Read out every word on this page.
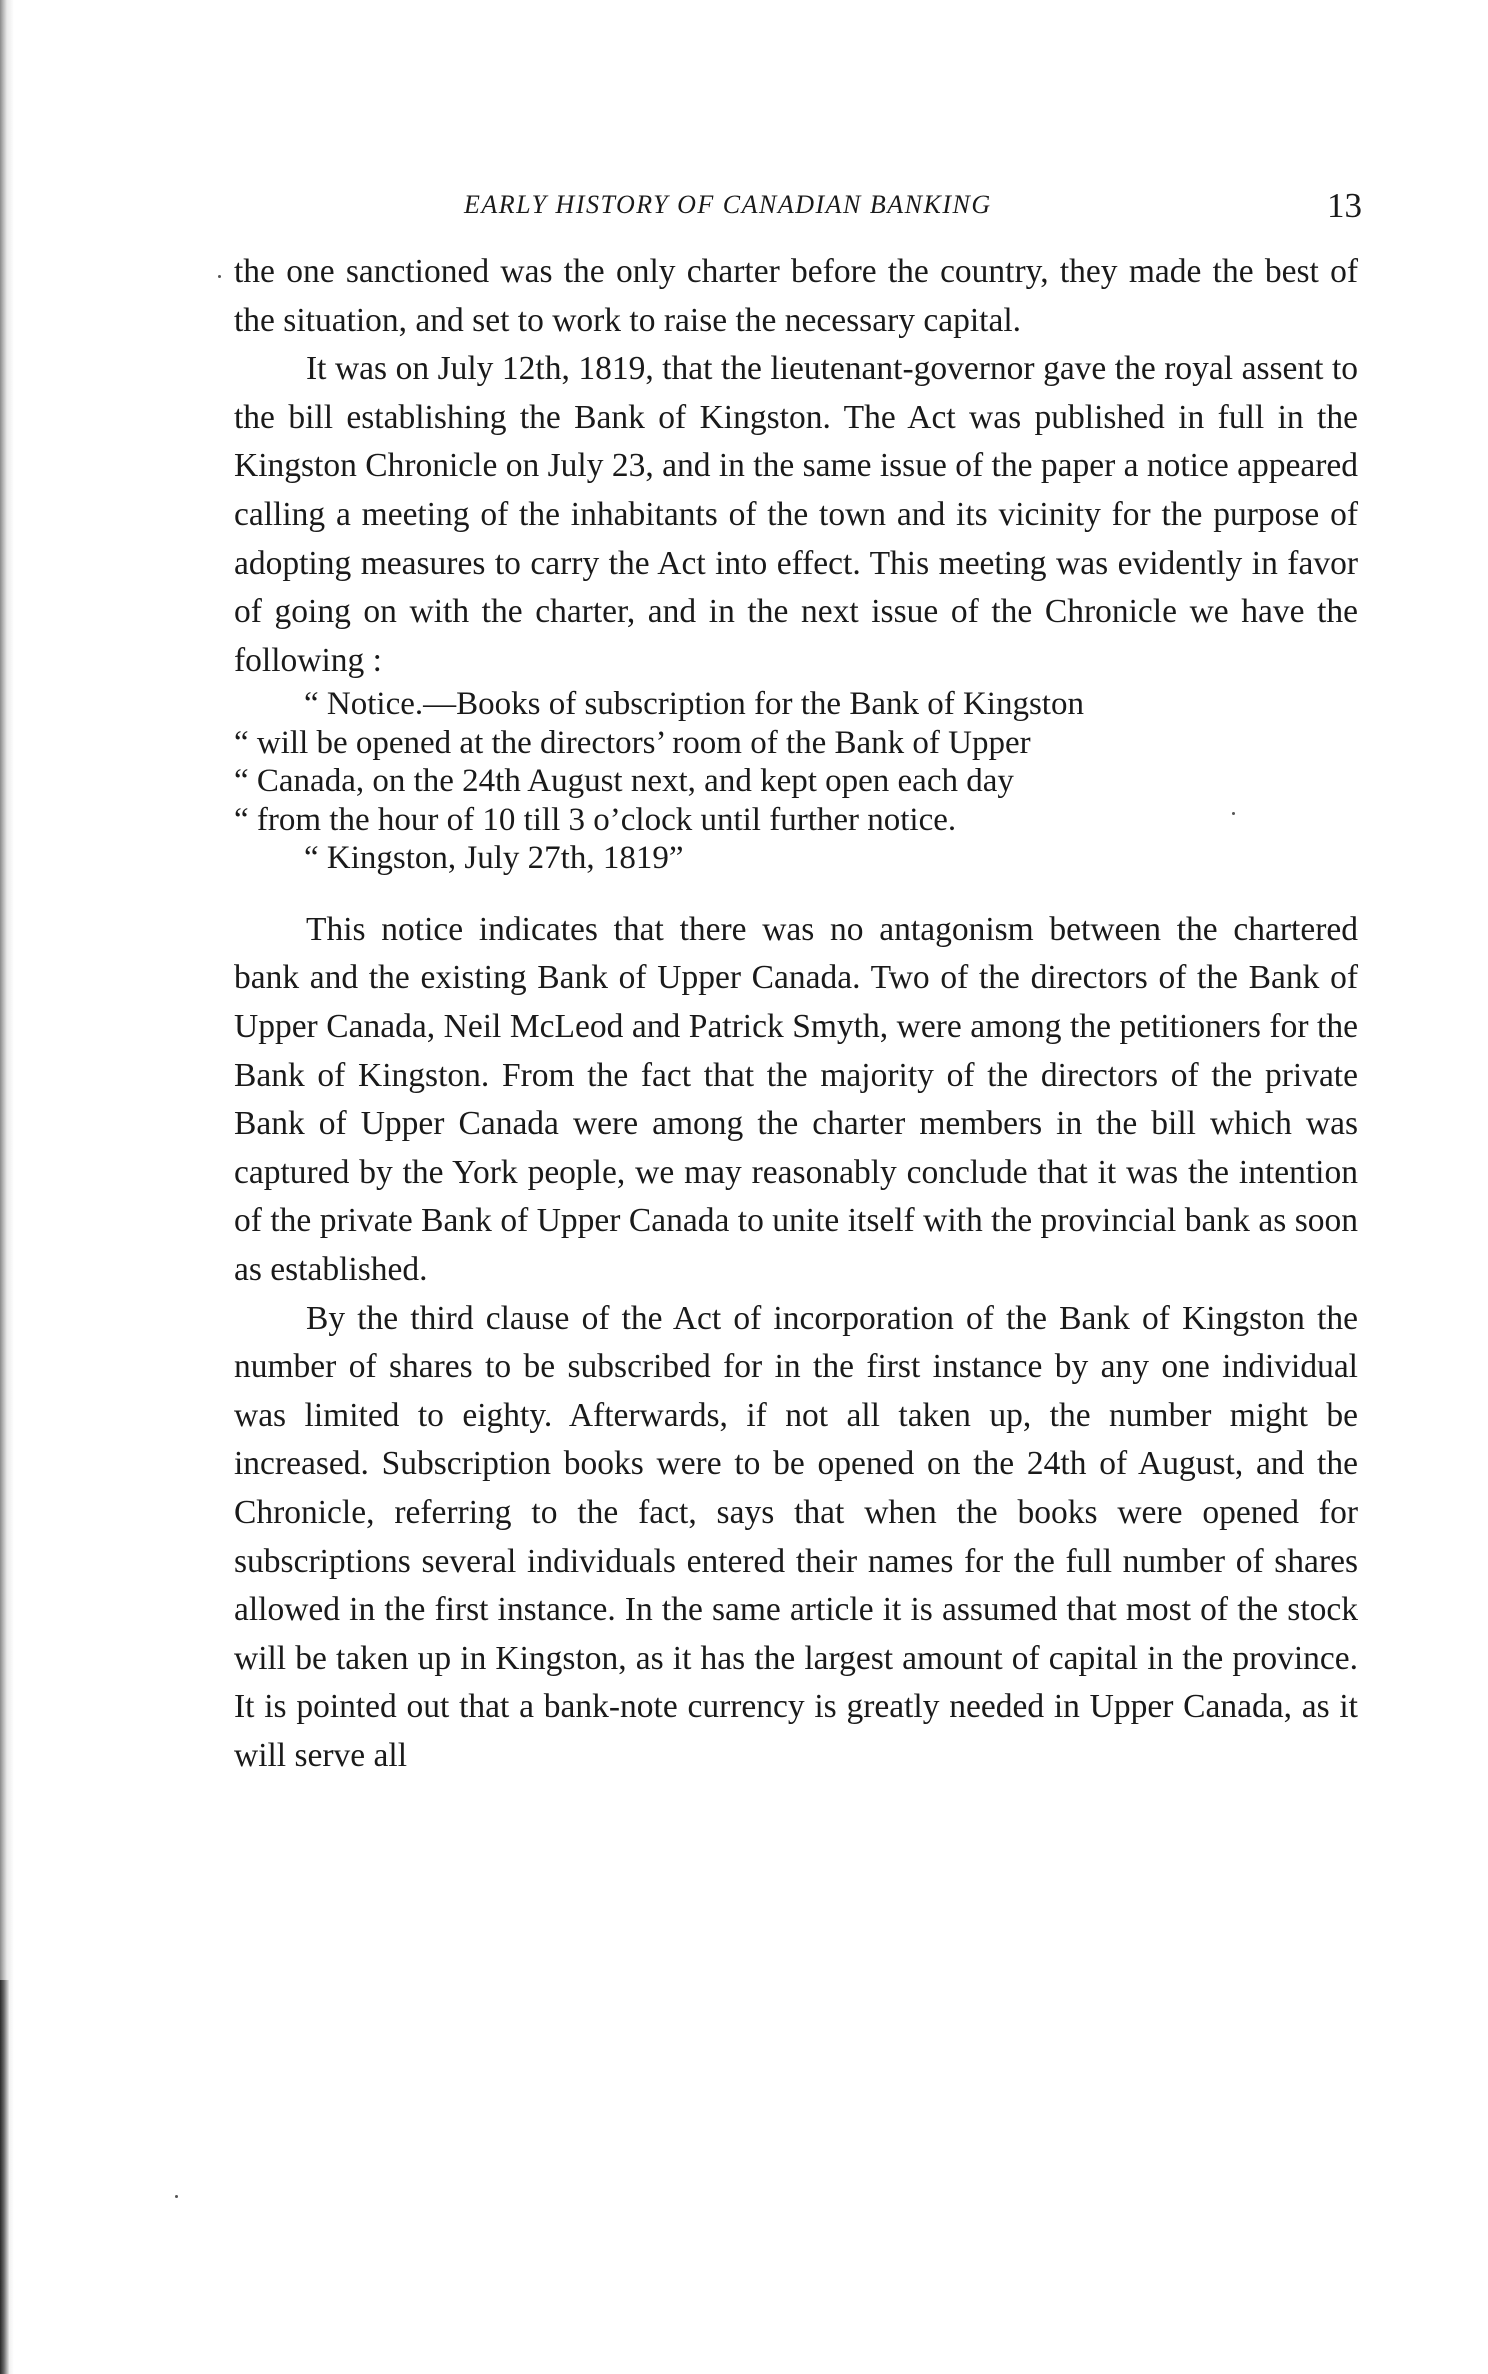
EARLY HISTORY OF CANADIAN BANKING	13

the one sanctioned was the only charter before the country, they made the best of the situation, and set to work to raise the necessary capital.

It was on July 12th, 1819, that the lieutenant-governor gave the royal assent to the bill establishing the Bank of Kingston. The Act was published in full in the Kingston Chronicle on July 23, and in the same issue of the paper a notice appeared calling a meeting of the inhabitants of the town and its vicinity for the purpose of adopting measures to carry the Act into effect. This meeting was evidently in favor of going on with the charter, and in the next issue of the Chronicle we have the following :

“ Notice.—Books of subscription for the Bank of Kingston
“ will be opened at the directors’ room of the Bank of Upper
“ Canada, on the 24th August next, and kept open each day
“ from the hour of 10 till 3 o’clock until further notice.
“ Kingston, July 27th, 1819”

This notice indicates that there was no antagonism between the chartered bank and the existing Bank of Upper Canada. Two of the directors of the Bank of Upper Canada, Neil McLeod and Patrick Smyth, were among the petitioners for the Bank of Kingston. From the fact that the majority of the directors of the private Bank of Upper Canada were among the charter members in the bill which was captured by the York people, we may reasonably conclude that it was the intention of the private Bank of Upper Canada to unite itself with the provincial bank as soon as established.

By the third clause of the Act of incorporation of the Bank of Kingston the number of shares to be subscribed for in the first instance by any one individual was limited to eighty. Afterwards, if not all taken up, the number might be increased. Subscription books were to be opened on the 24th of August, and the Chronicle, referring to the fact, says that when the books were opened for subscriptions several individuals entered their names for the full number of shares allowed in the first instance. In the same article it is assumed that most of the stock will be taken up in Kingston, as it has the largest amount of capital in the province. It is pointed out that a bank-note currency is greatly needed in Upper Canada, as it will serve all
